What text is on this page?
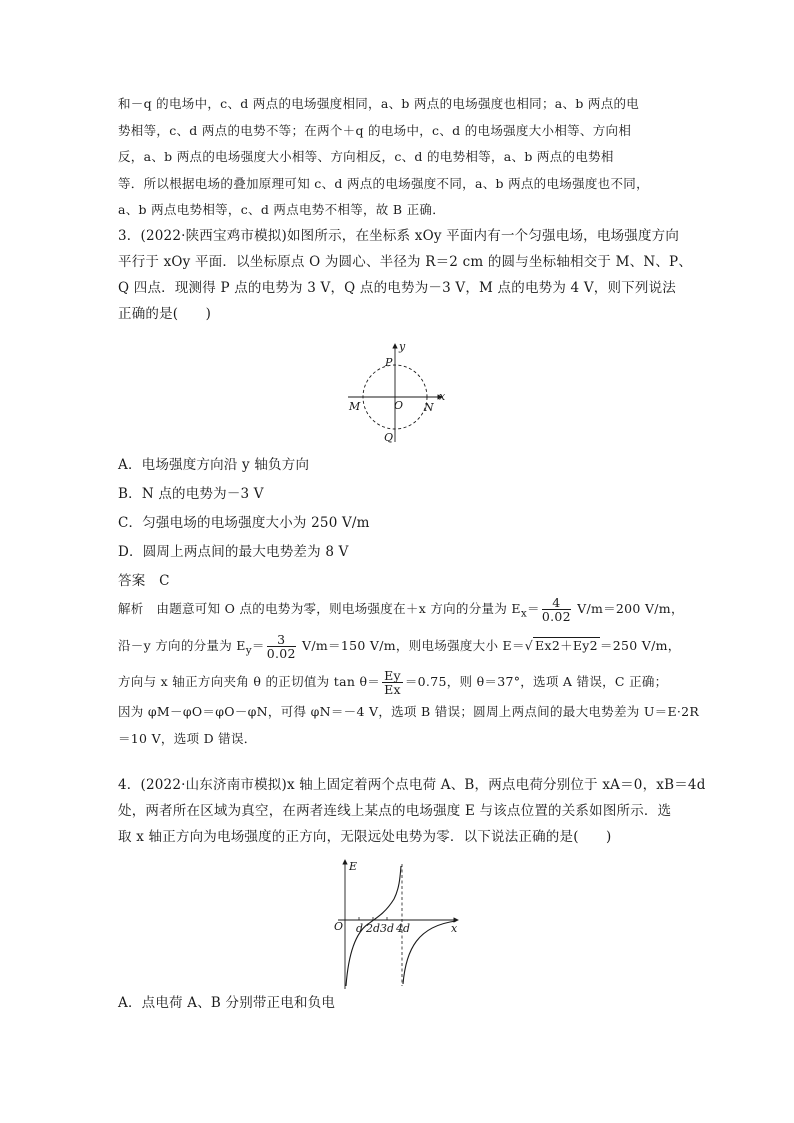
和－q 的电场中，c、d 两点的电场强度相同，a、b 两点的电场强度也相同；a、b 两点的电
势相等，c、d 两点的电势不等；在两个＋q 的电场中，c、d 的电场强度大小相等、方向相
反，a、b 两点的电场强度大小相等、方向相反，c、d 的电势相等，a、b 两点的电势相
等．所以根据电场的叠加原理可知 c、d 两点的电场强度不同，a、b 两点的电场强度也不同，
a、b 两点电势相等，c、d 两点电势不相等，故 B 正确．
3．(2022·陕西宝鸡市模拟)如图所示，在坐标系 xOy 平面内有一个匀强电场，电场强度方向
平行于 xOy 平面．以坐标原点 O 为圆心、半径为 R＝2 cm 的圆与坐标轴相交于 M、N、P、
Q 四点．现测得 P 点的电势为 3 V，Q 点的电势为－3 V，M 点的电势为 4 V，则下列说法
正确的是(　　)
y
x
P
M	O N
Q
A．电场强度方向沿 y 轴负方向
B．N 点的电势为－3 V
C．匀强电场的电场强度大小为 250 V/m
D．圆周上两点间的最大电势差为 8 V
答案　C
解析　由题意可知 O 点的电势为零，则电场强度在＋x 方向的分量为 $E_x= \frac{4}{0.02} V/m=200$ V/m，
沿－y 方向的分量为 $E_y= \frac{3}{0.02} V/m=150$ V/m，则电场强度大小 E＝√ Ex2＋Ey2 ＝250 V/m，
方向与 x 轴正方向夹角 θ 的正切值为 $\tan \theta= \frac{Ey}{Ex} =0.75$，则 θ＝37°，选项 A 错误，C 正确；
因为 φM－φO＝φO－φN，可得 φN＝－4 V，选项 B 错误；圆周上两点间的最大电势差为 U＝E·2R
＝10 V，选项 D 错误．
4．(2022·山东济南市模拟)x 轴上固定着两个点电荷 A、B，两点电荷分别位于 xA＝0，xB＝4d
处，两者所在区域为真空，在两者连线上某点的电场强度 E 与该点位置的关系如图所示．选
取 x 轴正方向为电场强度的正方向，无限远处电势为零．以下说法正确的是(　　)
E
O d 2d 3d 4d	x
A．点电荷 A、B 分别带正电和负电
